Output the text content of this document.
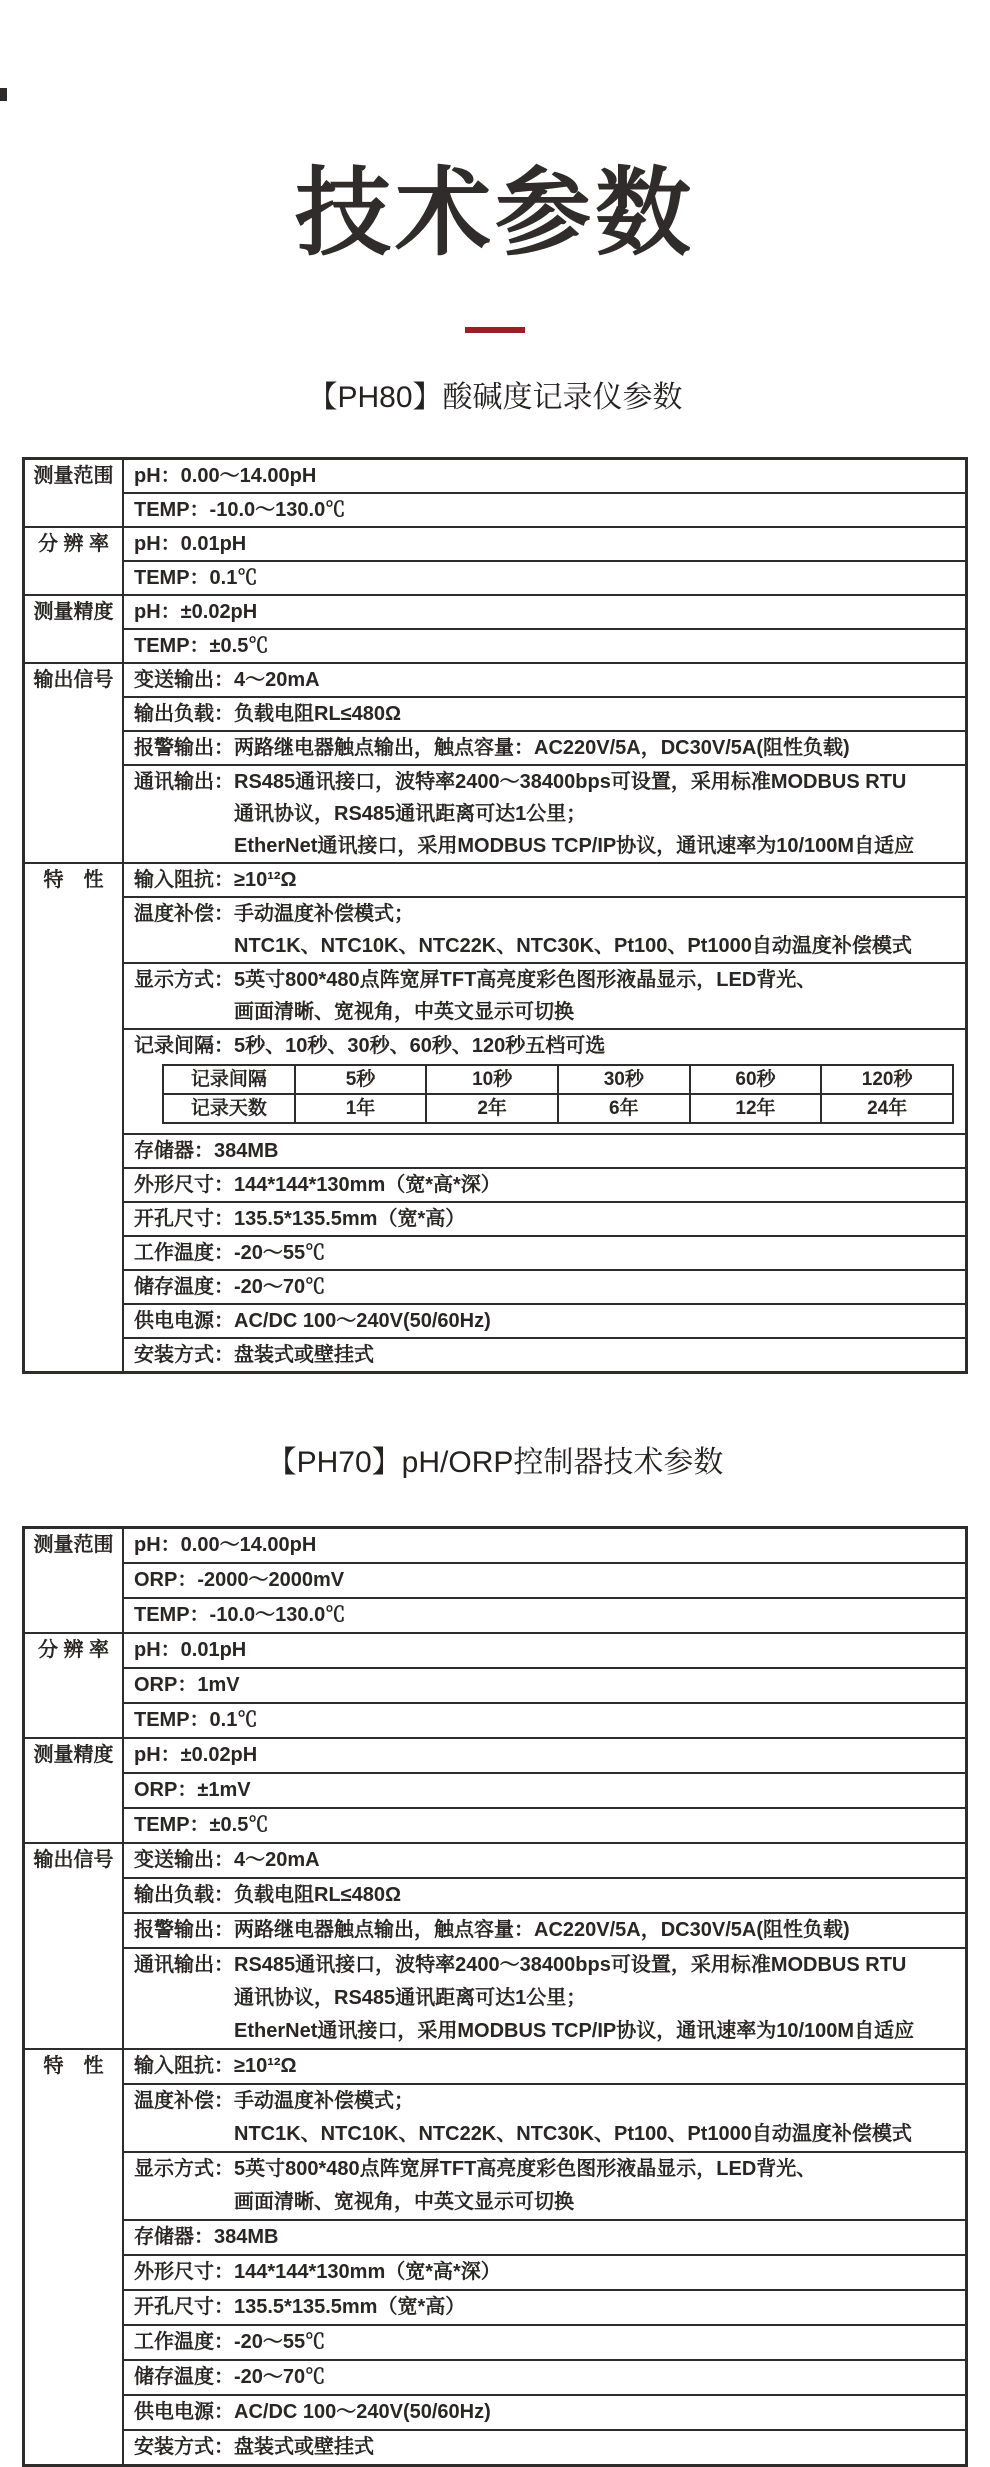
技术参数
【PH80】酸碱度记录仪参数
测量范围	pH：0.00～14.00pH

TEMP：-10.0～130.0℃

分 辨 率	pH：0.01pH

TEMP：0.1℃

测量精度	pH：±0.02pH

TEMP：±0.5℃

输出信号	变送输出：4～20mA

输出负载：负载电阻RL≤480Ω

报警输出：两路继电器触点输出，触点容量：AC220V/5A，DC30V/5A(阻性负载)

通讯输出：RS485通讯接口，波特率2400～38400bps可设置，采用标准MODBUS RTU
通讯协议，RS485通讯距离可达1公里；
EtherNet通讯接口，采用MODBUS TCP/IP协议，通讯速率为10/100M自适应

特　性	输入阻抗：≥10¹²Ω

温度补偿：手动温度补偿模式；
NTC1K、NTC10K、NTC22K、NTC30K、Pt100、Pt1000自动温度补偿模式

显示方式：5英寸800*480点阵宽屏TFT高亮度彩色图形液晶显示，LED背光、
画面清晰、宽视角，中英文显示可切换

记录间隔：5秒、10秒、30秒、60秒、120秒五档可选
记录间隔	5秒	10秒	30秒	60秒	120秒
记录天数	1年	2年	6年	12年	24年

存储器：384MB

外形尺寸：144*144*130mm（宽*高*深）

开孔尺寸：135.5*135.5mm（宽*高）

工作温度：-20～55℃

储存温度：-20～70℃

供电电源：AC/DC 100～240V(50/60Hz)

安装方式：盘装式或壁挂式
【PH70】pH/ORP控制器技术参数
测量范围	pH：0.00～14.00pH

	ORP：-2000～2000mV

	TEMP：-10.0～130.0℃

分 辨 率	pH：0.01pH

	ORP：1mV

	TEMP：0.1℃

测量精度	pH：±0.02pH

	ORP：±1mV

	TEMP：±0.5℃

输出信号	变送输出：4～20mA

	输出负载：负载电阻RL≤480Ω

	报警输出：两路继电器触点输出，触点容量：AC220V/5A，DC30V/5A(阻性负载)

	通讯输出：RS485通讯接口，波特率2400～38400bps可设置，采用标准MODBUS RTU
通讯协议，RS485通讯距离可达1公里；
EtherNet通讯接口，采用MODBUS TCP/IP协议，通讯速率为10/100M自适应

特　性	输入阻抗：≥10¹²Ω

	温度补偿：手动温度补偿模式；
NTC1K、NTC10K、NTC22K、NTC30K、Pt100、Pt1000自动温度补偿模式

	显示方式：5英寸800*480点阵宽屏TFT高亮度彩色图形液晶显示，LED背光、
画面清晰、宽视角，中英文显示可切换

	存储器：384MB

	外形尺寸：144*144*130mm（宽*高*深）

	开孔尺寸：135.5*135.5mm（宽*高）

	工作温度：-20～55℃

	储存温度：-20～70℃

	供电电源：AC/DC 100～240V(50/60Hz)

	安装方式：盘装式或壁挂式
